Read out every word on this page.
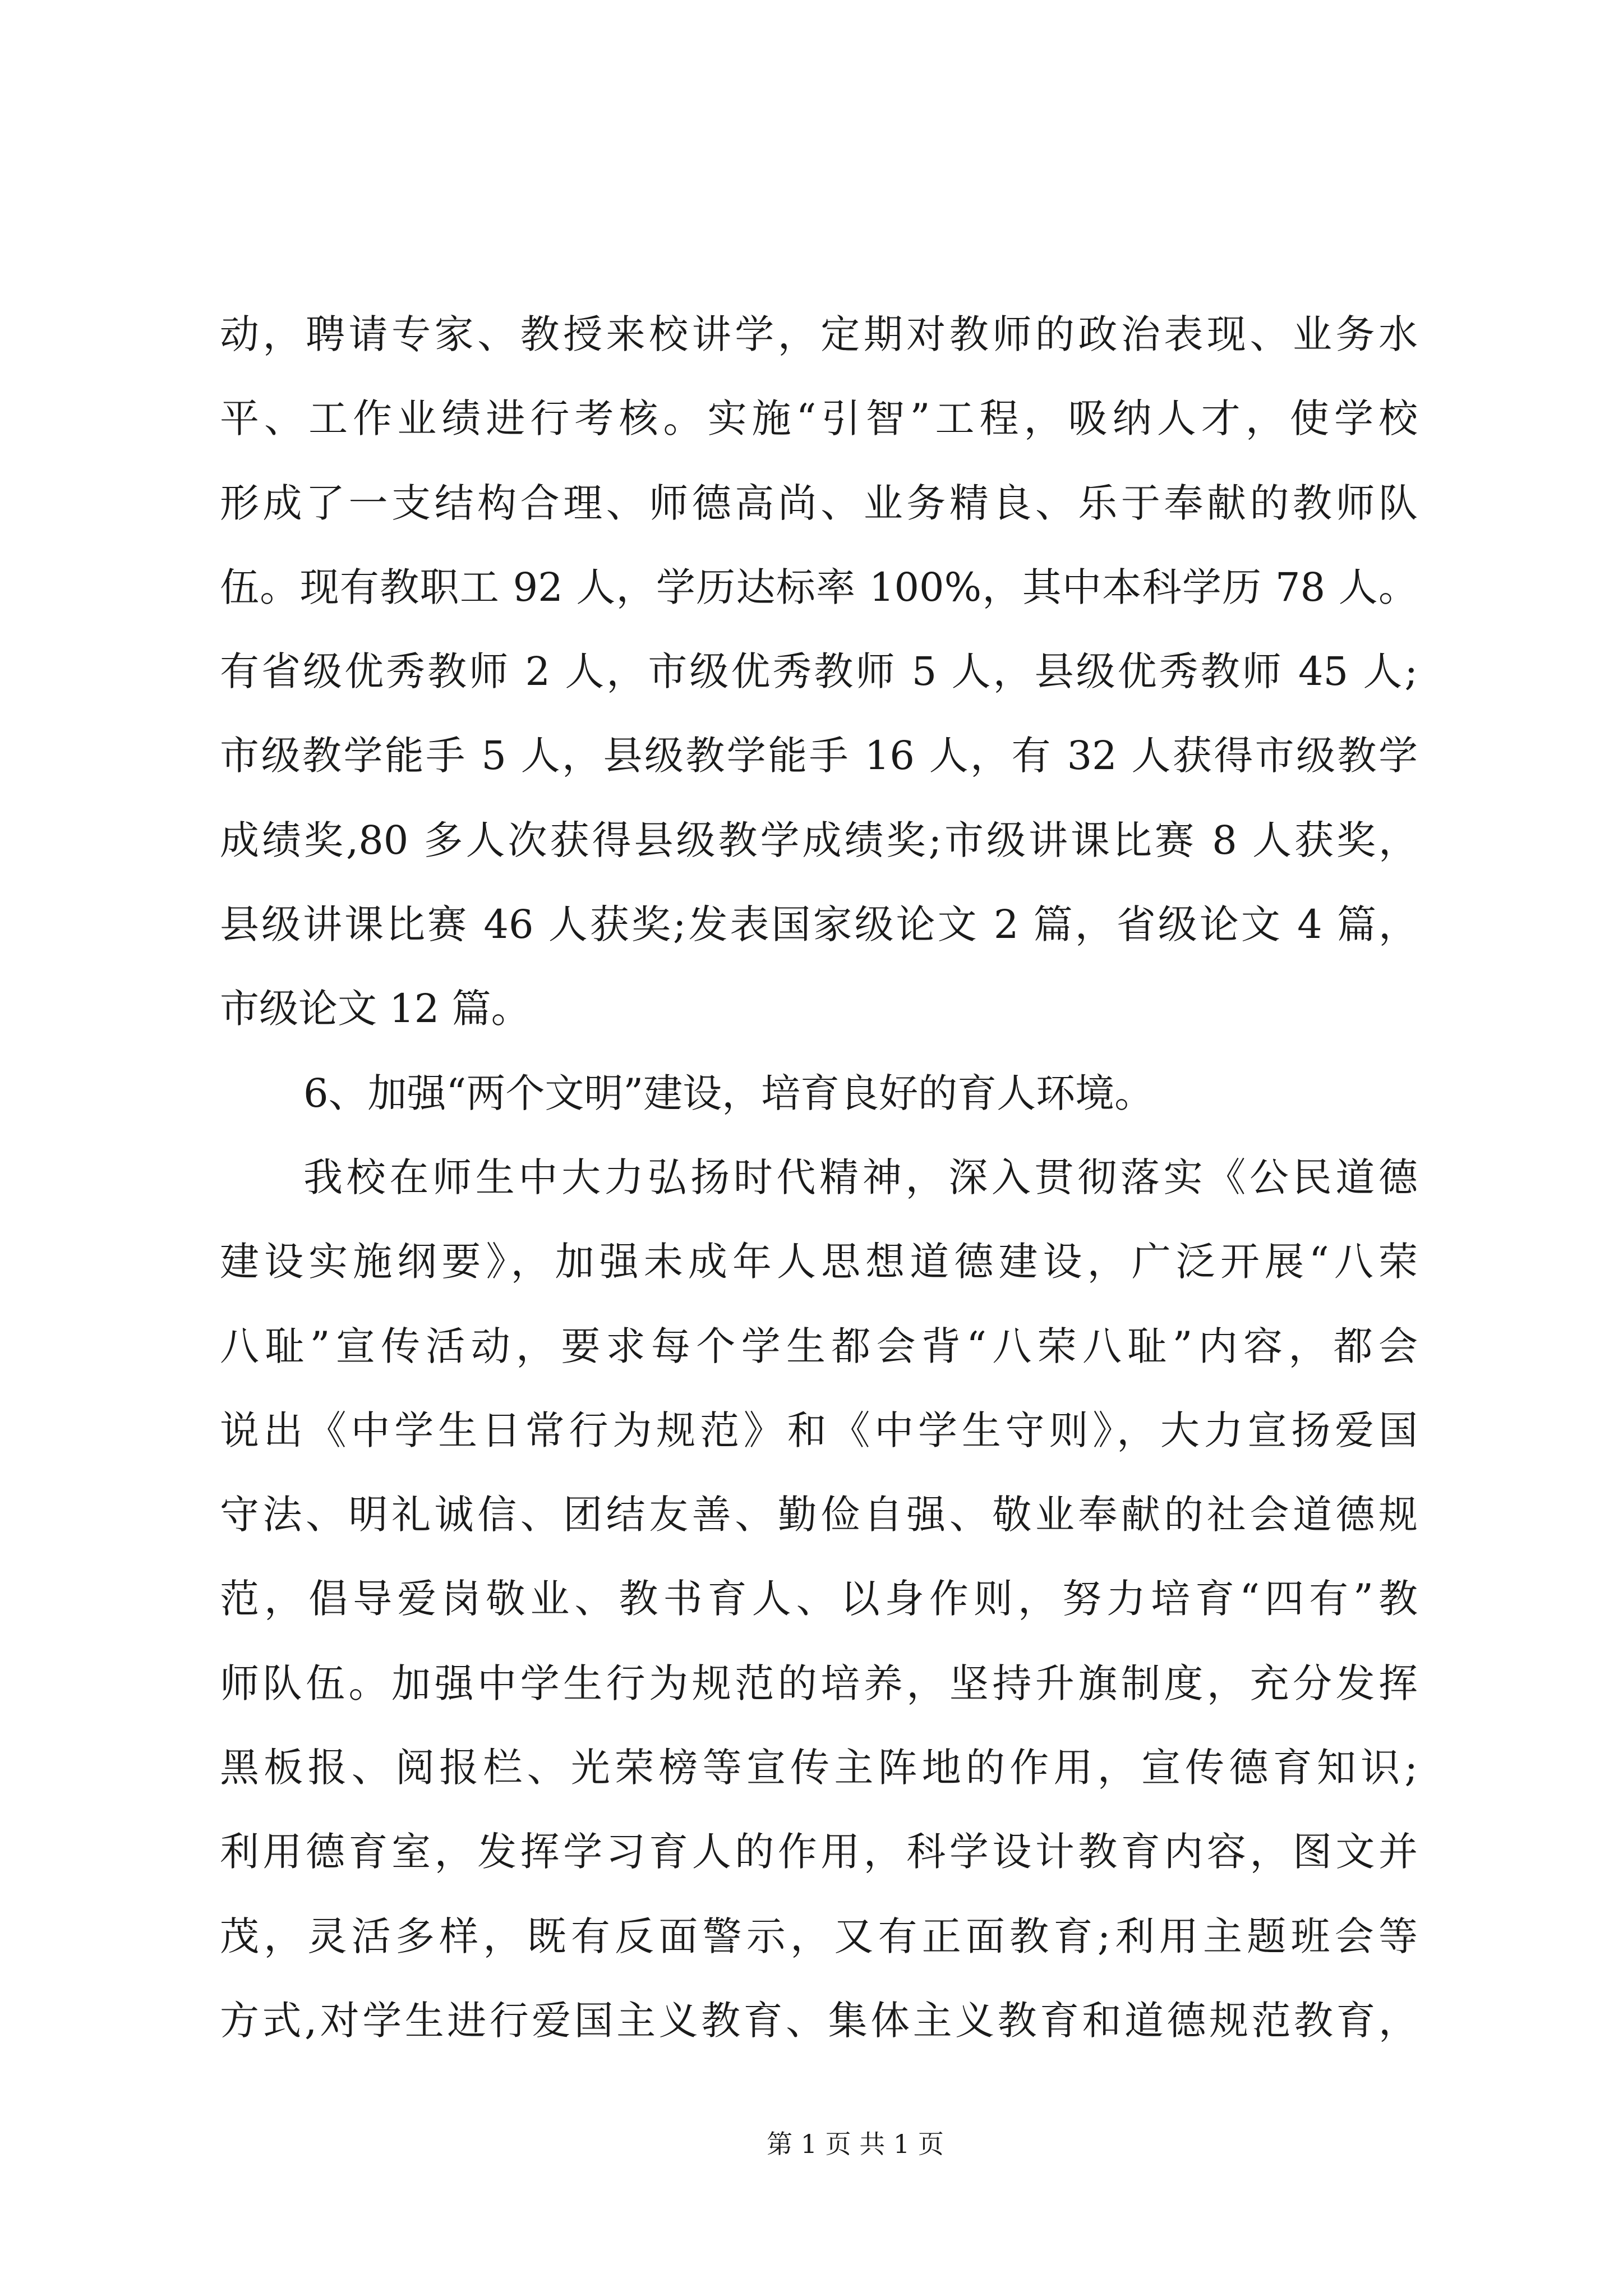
动，聘请专家、教授来校讲学，定期对教师的政治表现、业务水
平、工作业绩进行考核。实施“引智”工程，吸纳人才，使学校
形成了一支结构合理、师德高尚、业务精良、乐于奉献的教师队
伍。现有教职工 92 人，学历达标率 100%，其中本科学历 78 人。
有省级优秀教师 2 人，市级优秀教师 5 人，县级优秀教师 45 人;
市级教学能手 5 人，县级教学能手 16 人，有 32 人获得市级教学
成绩奖,80 多人次获得县级教学成绩奖;市级讲课比赛 8 人获奖，
县级讲课比赛 46 人获奖;发表国家级论文 2 篇，省级论文 4 篇，
市级论文 12 篇。
6、加强“两个文明”建设，培育良好的育人环境。
我校在师生中大力弘扬时代精神，深入贯彻落实《公民道德
建设实施纲要》，加强未成年人思想道德建设，广泛开展“八荣
八耻”宣传活动，要求每个学生都会背“八荣八耻”内容，都会
说出《中学生日常行为规范》和《中学生守则》，大力宣扬爱国
守法、明礼诚信、团结友善、勤俭自强、敬业奉献的社会道德规
范，倡导爱岗敬业、教书育人、以身作则，努力培育“四有”教
师队伍。加强中学生行为规范的培养，坚持升旗制度，充分发挥
黑板报、阅报栏、光荣榜等宣传主阵地的作用，宣传德育知识;
利用德育室，发挥学习育人的作用，科学设计教育内容，图文并
茂，灵活多样，既有反面警示，又有正面教育;利用主题班会等
方式,对学生进行爱国主义教育、集体主义教育和道德规范教育，
第 1 页 共 1 页
